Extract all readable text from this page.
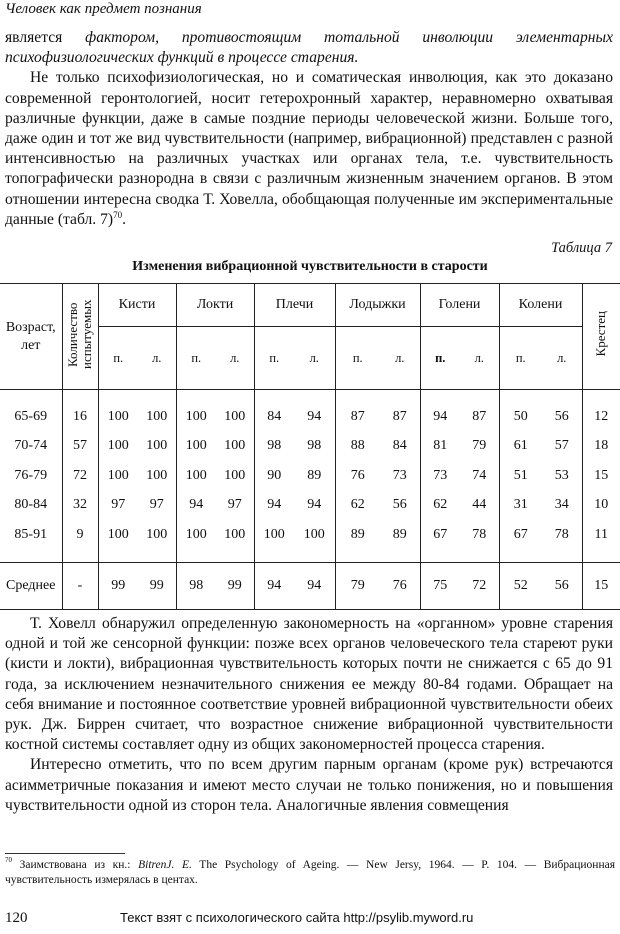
Человек как предмет познания

является фактором, противостоящим тотальной инволюции элементарных психофизиологических функций в процессе старения.

Не только психофизиологическая, но и соматическая инволюция, как это доказано современной геронтологией, носит гетерохронный характер, неравномерно охватывая различные функции, даже в самые поздние периоды человеческой жизни. Больше того, даже один и тот же вид чувствительности (например, вибрационной) представлен с разной интенсивностью на различных участках или органах тела, т.е. чувствительность топографически разнородна в связи с различным жизненным значением органов. В этом отношении интересна сводка Т. Ховелла, обобщающая полученные им экспериментальные данные (табл. 7)$^{70}$.

Таблица 7
Изменения вибрационной чувствительности в старости
Возраст, лет	Количество испытуемых	Кисти		Локти		Плечи		Лодыжки		Голени		Колени		Крестец
		п.	л.	п.	л.	п.	л.	п.	л.	п.	л.	п.	л.	

65-69	16	100	100	100	100	84	94	87	87	94	87	50	56	12
70-74	57	100	100	100	100	98	98	88	84	81	79	61	57	18
76-79	72	100	100	100	100	90	89	76	73	73	74	51	53	15
80-84	32	97	97	94	97	94	94	62	56	62	44	31	34	10
85-91	9	100	100	100	100	100	100	89	89	67	78	67	78	11

Среднее	-	99	99	98	99	94	94	79	76	75	72	52	56	15

Т. Ховелл обнаружил определенную закономерность на «органном» уровне старения одной и той же сенсорной функции: позже всех органов человеческого тела стареют руки (кисти и локти), вибрационная чувствительность которых почти не снижается с 65 до 91 года, за исключением незначительного снижения ее между 80-84 годами. Обращает на себя внимание и постоянное соответствие уровней вибрационной чувствительности обеих рук. Дж. Биррен считает, что возрастное снижение вибрационной чувствительности костной системы составляет одну из общих закономерностей процесса старения.

Интересно отметить, что по всем другим парным органам (кроме рук) встречаются асимметричные показания и имеют место случаи не только понижения, но и повышения чувствительности одной из сторон тела. Аналогичные явления совмещения

$^{70}$ Заимствована из кн.: BitrenJ. E. The Psychology of Ageing. — New Jersy, 1964. — P. 104. — Вибрационная чувствительность измерялась в центах.
120	Текст взят с психологического сайта http://psylib.myword.ru
